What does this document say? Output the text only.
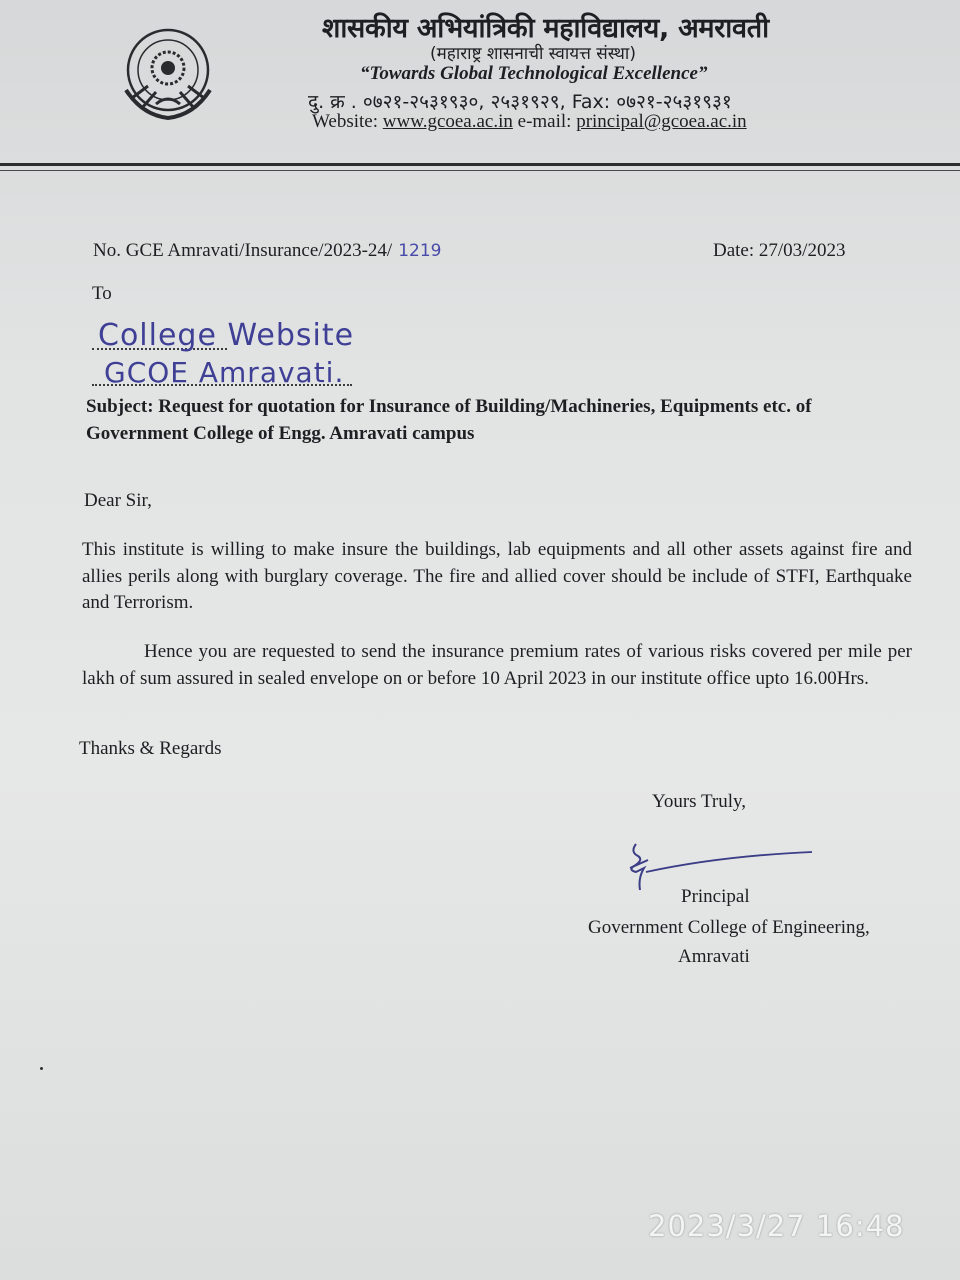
शासकीय अभियांत्रिकी महाविद्यालय, अमरावती
(महाराष्ट्र शासनाची स्वायत्त संस्था)
“Towards Global Technological Excellence”
दु. क्र . ०७२१-२५३१९३०, २५३१९२९, Fax: ०७२१-२५३१९३१
Website: www.gcoea.ac.in e-mail: principal@gcoea.ac.in
No. GCE Amravati/Insurance/2023-24/ 1219	Date: 27/03/2023
To
College Website
GCOE Amravati.
Subject: Request for quotation for Insurance of Building/Machineries, Equipments etc. of Government College of Engg. Amravati campus
Dear Sir,
This institute is willing to make insure the buildings, lab equipments and all other assets against fire and allies perils along with burglary coverage. The fire and allied cover should be include of STFI, Earthquake and Terrorism.
Hence you are requested to send the insurance premium rates of various risks covered per mile per lakh of sum assured in sealed envelope on or before 10 April 2023 in our institute office upto 16.00Hrs.
Thanks & Regards
Yours Truly,
Principal
Government College of Engineering,
Amravati
2023/3/27 16:48
